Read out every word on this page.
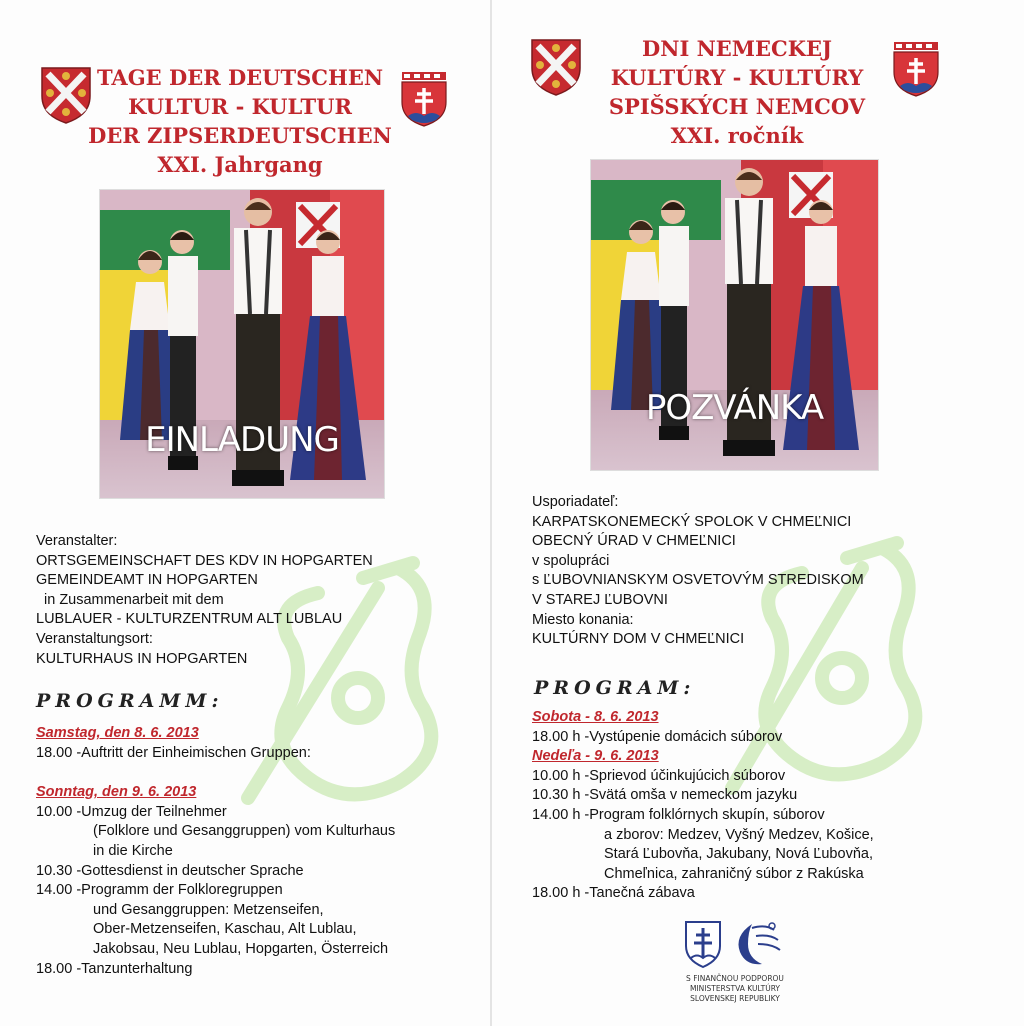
TAGE DER DEUTSCHEN
KULTUR - KULTUR
DER ZIPSERDEUTSCHEN
XXI. Jahrgang
EINLADUNG
Veranstalter:
ORTSGEMEINSCHAFT DES KDV IN HOPGARTEN
GEMEINDEAMT IN HOPGARTEN
in Zusammenarbeit mit dem
LUBLAUER - KULTURZENTRUM ALT LUBLAU
Veranstaltungsort:
KULTURHAUS IN HOPGARTEN
PROGRAMM:
Samstag, den 8. 6. 2013
18.00 - Auftritt der Einheimischen Gruppen:
Sonntag, den 9. 6. 2013
10.00 - Umzug der Teilnehmer
(Folklore und Gesanggruppen) vom Kulturhaus
in die Kirche
10.30 - Gottesdienst in deutscher Sprache
14.00 - Programm der Folkloregruppen
und Gesanggruppen: Metzenseifen,
Ober-Metzenseifen, Kaschau, Alt Lublau,
Jakobsau, Neu Lublau, Hopgarten, Österreich
18.00 - Tanzunterhaltung
DNI NEMECKEJ
KULTÚRY - KULTÚRY
SPIŠSKÝCH NEMCOV
XXI. ročník
POZVÁNKA
Usporiadateľ:
KARPATSKONEMECKÝ SPOLOK V CHMEĽNICI
OBECNÝ ÚRAD V CHMEĽNICI
v spolupráci
s ĽUBOVNIANSKYM OSVETOVÝM STREDISKOM
V STAREJ ĽUBOVNI
Miesto konania:
KULTÚRNY DOM V CHMEĽNICI
PROGRAM:
Sobota - 8. 6. 2013
18.00 h - Vystúpenie domácich súborov
Nedeľa - 9. 6. 2013
10.00 h - Sprievod účinkujúcich súborov
10.30 h - Svätá omša v nemeckom jazyku
14.00 h - Program folklórnych skupín, súborov
a zborov: Medzev, Vyšný Medzev, Košice,
Stará Ľubovňa, Jakubany, Nová Ľubovňa,
Chmeľnica, zahraničný súbor z Rakúska
18.00 h - Tanečná zábava
S FINANČNOU PODPOROU
MINISTERSTVA KULTÚRY
SLOVENSKEJ REPUBLIKY
